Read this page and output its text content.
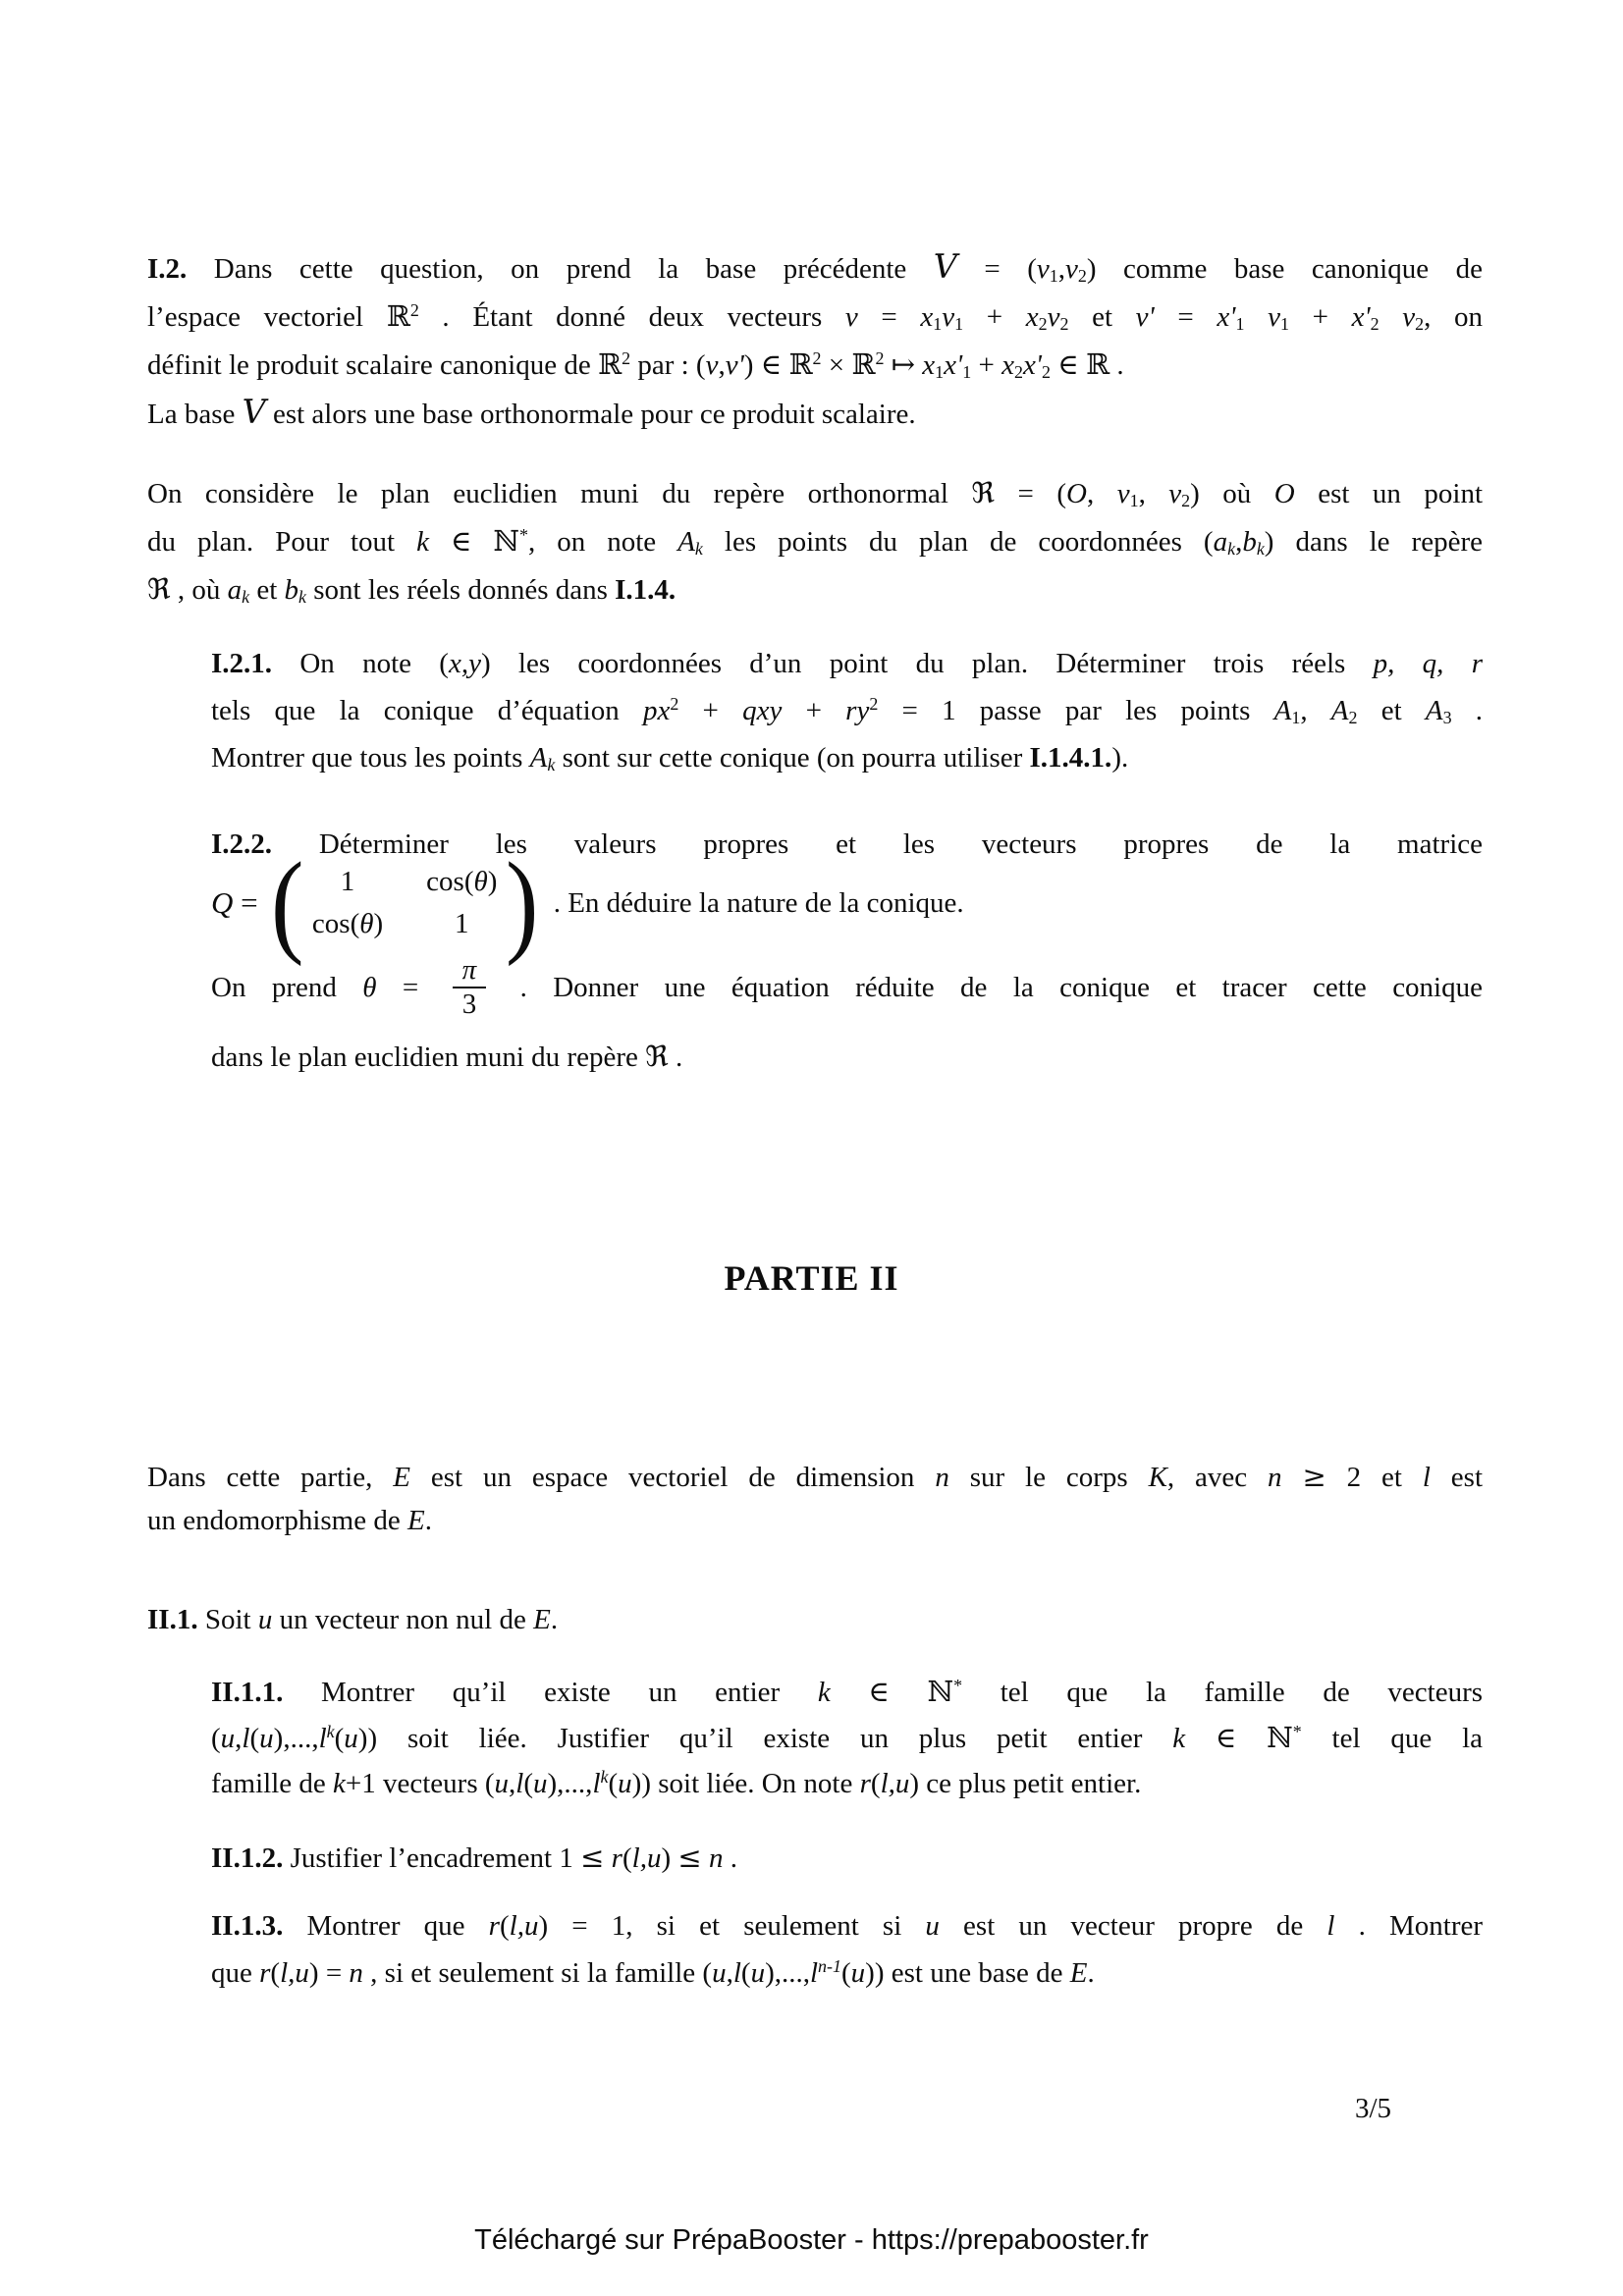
I.2. Dans cette question, on prend la base précédente $V = (v_1,v_2)$ comme base canonique de
l’espace vectoriel ℝ$^2$ . Étant donné deux vecteurs $v = x_1v_1 + x_2v_2$ et $v' = x'_1$ $v_1 + x'_2$ $v_2$, on
définit le produit scalaire canonique de ℝ$^2$ par : (v,v') ∈ ℝ$^2$ × ℝ$^2$ ↦ $x_1x'_1 + x_2x'_2$ ∈ ℝ .
La base V est alors une base orthonormale pour ce produit scalaire.
On considère le plan euclidien muni du repère orthonormal ℜ = (O, $v_1$, $v_2$) où O est un point
du plan. Pour tout k ∈ ℕ*, on note $A_k$ les points du plan de coordonnées $(a_k,b_k)$ dans le repère
ℜ , où $a_k$ et $b_k$ sont les réels donnés dans I.1.4.
I.2.1. On note (x,y) les coordonnées d’un point du plan. Déterminer trois réels p, q, r
tels que la conique d’équation $px^2$ + qxy + $ry^2 = 1$ passe par les points $A_1$, $A_2$ et $A_3$ .
Montrer que tous les points $A_k$ sont sur cette conique (on pourra utiliser I.1.4.1.).
I.2.2. Déterminer les valeurs propres et les vecteurs propres de la matrice
Q = (	1	cos(θ)
cos(θ)	1 ) . En déduire la nature de la conique.
On prend $\theta = \frac{\pi}{3}$ . Donner une équation réduite de la conique et tracer cette conique
dans le plan euclidien muni du repère ℜ .
PARTIE II
Dans cette partie, E est un espace vectoriel de dimension n sur le corps K, avec n ≥ 2 et l est
un endomorphisme de E.
II.1. Soit u un vecteur non nul de E.
II.1.1. Montrer qu’il existe un entier k ∈ ℕ* tel que la famille de vecteurs
$(u,l(u),...,l^k(u))$ soit liée. Justifier qu’il existe un plus petit entier k ∈ ℕ* tel que la
famille de k+1 vecteurs $(u,l(u),...,l^k(u))$ soit liée. On note r(l,u) ce plus petit entier.
II.1.2. Justifier l’encadrement 1 ≤ r(l,u) ≤ n .
II.1.3. Montrer que r(l,u) = 1, si et seulement si u est un vecteur propre de l . Montrer
que r(l,u) = n , si et seulement si la famille $(u,l(u),...,l^{n-1}(u))$ est une base de E.
3/5
Téléchargé sur PrépaBooster - https://prepabooster.fr
